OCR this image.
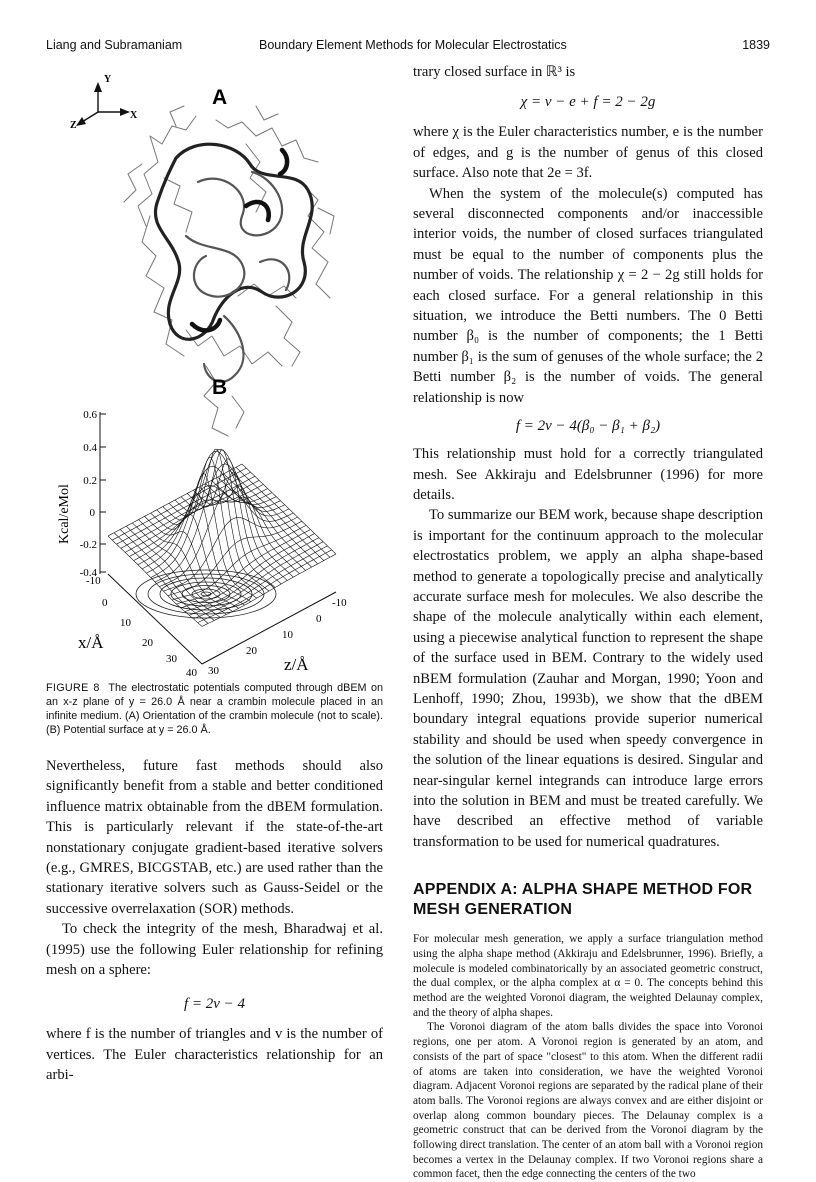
Liang and Subramaniam	Boundary Element Methods for Molecular Electrostatics	1839
Y
X
Z
A
B
0.6
0.4
0.2
0
-0.2
-0.4
Kcal/eMol
-10
0
10
20
30
40
-10
0
10
20
30
x/Å
z/Å
FIGURE 8 The electrostatic potentials computed through dBEM on an x-z plane of y = 26.0 Å near a crambin molecule placed in an infinite medium. (A) Orientation of the crambin molecule (not to scale). (B) Potential surface at y = 26.0 Å.

Nevertheless, future fast methods should also significantly benefit from a stable and better conditioned influence matrix obtainable from the dBEM formulation. This is particularly relevant if the state-of-the-art nonstationary conjugate gradient-based iterative solvers (e.g., GMRES, BICGSTAB, etc.) are used rather than the stationary iterative solvers such as Gauss-Seidel or the successive overrelaxation (SOR) methods.

To check the integrity of the mesh, Bharadwaj et al. (1995) use the following Euler relationship for refining mesh on a sphere:

f = 2v − 4

where f is the number of triangles and v is the number of vertices. The Euler characteristics relationship for an arbi-

trary closed surface in ℝ³ is

χ = v − e + f = 2 − 2g

where χ is the Euler characteristics number, e is the number of edges, and g is the number of genus of this closed surface. Also note that 2e = 3f.

When the system of the molecule(s) computed has several disconnected components and/or inaccessible interior voids, the number of closed surfaces triangulated must be equal to the number of components plus the number of voids. The relationship χ = 2 − 2g still holds for each closed surface. For a general relationship in this situation, we introduce the Betti numbers. The 0 Betti number β₀ is the number of components; the 1 Betti number β₁ is the sum of genuses of the whole surface; the 2 Betti number β₂ is the number of voids. The general relationship is now

f = 2v − 4(β₀ − β₁ + β₂)

This relationship must hold for a correctly triangulated mesh. See Akkiraju and Edelsbrunner (1996) for more details.

To summarize our BEM work, because shape description is important for the continuum approach to the molecular electrostatics problem, we apply an alpha shape-based method to generate a topologically precise and analytically accurate surface mesh for molecules. We also describe the shape of the molecule analytically within each element, using a piecewise analytical function to represent the shape of the surface used in BEM. Contrary to the widely used nBEM formulation (Zauhar and Morgan, 1990; Yoon and Lenhoff, 1990; Zhou, 1993b), we show that the dBEM boundary integral equations provide superior numerical stability and should be used when speedy convergence in the solution of the linear equations is desired. Singular and near-singular kernel integrands can introduce large errors into the solution in BEM and must be treated carefully. We have described an effective method of variable transformation to be used for numerical quadratures.

APPENDIX A: ALPHA SHAPE METHOD FOR MESH GENERATION

For molecular mesh generation, we apply a surface triangulation method using the alpha shape method (Akkiraju and Edelsbrunner, 1996). Briefly, a molecule is modeled combinatorically by an associated geometric construct, the dual complex, or the alpha complex at α = 0. The concepts behind this method are the weighted Voronoi diagram, the weighted Delaunay complex, and the theory of alpha shapes.

The Voronoi diagram of the atom balls divides the space into Voronoi regions, one per atom. A Voronoi region is generated by an atom, and consists of the part of space "closest" to this atom. When the different radii of atoms are taken into consideration, we have the weighted Voronoi diagram. Adjacent Voronoi regions are separated by the radical plane of their atom balls. The Voronoi regions are always convex and are either disjoint or overlap along common boundary pieces. The Delaunay complex is a geometric construct that can be derived from the Voronoi diagram by the following direct translation. The center of an atom ball with a Voronoi region becomes a vertex in the Delaunay complex. If two Voronoi regions share a common facet, then the edge connecting the centers of the two
